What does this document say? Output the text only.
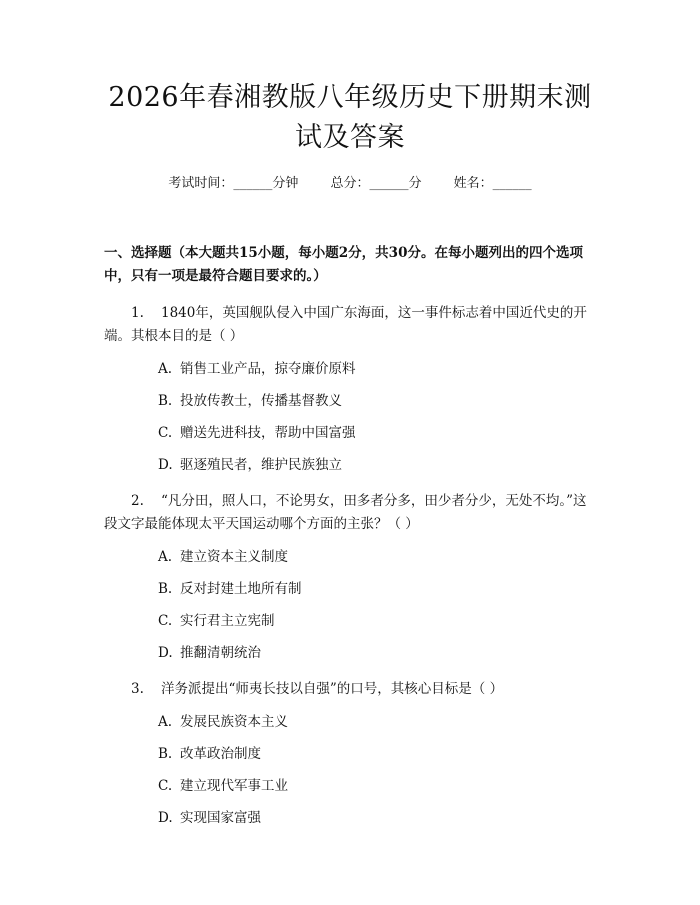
2026年春湘教版八年级历史下册期末测试及答案
考试时间：______分钟 总分：______分 姓名：______
一、选择题（本大题共15小题，每小题2分，共30分。在每小题列出的四个选项中，只有一项是最符合题目要求的。）
1. 1840年，英国舰队侵入中国广东海面，这一事件标志着中国近代史的开端。其根本目的是（ ）
A. 销售工业产品，掠夺廉价原料
B. 投放传教士，传播基督教义
C. 赠送先进科技，帮助中国富强
D. 驱逐殖民者，维护民族独立
2. “凡分田，照人口，不论男女，田多者分多，田少者分少，无处不均。”这段文字最能体现太平天国运动哪个方面的主张？（ ）
A. 建立资本主义制度
B. 反对封建土地所有制
C. 实行君主立宪制
D. 推翻清朝统治
3. 洋务派提出“师夷长技以自强”的口号，其核心目标是（ ）
A. 发展民族资本主义
B. 改革政治制度
C. 建立现代军事工业
D. 实现国家富强
